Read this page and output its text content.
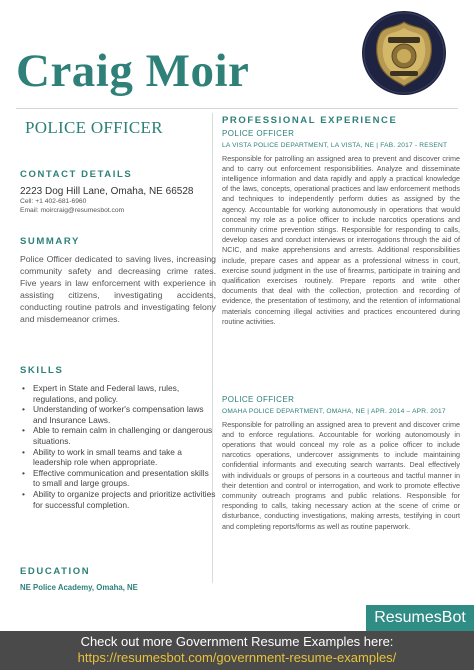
Craig Moir
POLICE OFFICER
CONTACT DETAILS
2223 Dog Hill Lane, Omaha, NE 66528
Cell: +1 402-681-6960
Email: moircraig@resumesbot.com
SUMMARY
Police Officer dedicated to saving lives, increasing community safety and decreasing crime rates. Five years in law enforcement with experience in assisting citizens, investigating accidents, conducting routine patrols and investigating felony and misdemeanor crimes.
SKILLS
• Expert in State and Federal laws, rules, regulations, and policy.
• Understanding of worker's compensation laws and Insurance Laws.
• Able to remain calm in challenging or dangerous situations.
• Ability to work in small teams and take a leadership role when appropriate.
• Effective communication and presentation skills to small and large groups.
• Ability to organize projects and prioritize activities for successful completion.
EDUCATION
NE Police Academy, Omaha, NE
PROFESSIONAL EXPERIENCE
POLICE OFFICER
LA VISTA POLICE DEPARTMENT, LA VISTA, NE | FAB. 2017 - RESENT
Responsible for patrolling an assigned area to prevent and discover crime and to carry out enforcement responsibilities. Analyze and disseminate intelligence information and data rapidly and apply a practical knowledge of the laws, concepts, operational practices and law enforcement methods and techniques to independently perform duties as assigned by the agency. Accountable for working autonomously in operations that would conceal my role as a police officer to include narcotics operations and community crime prevention stings. Responsible for responding to calls, develop cases and conduct interviews or interrogations through the aid of NCIC, and make apprehensions and arrests. Additional responsibilities include, prepare cases and appear as a professional witness in court, exercise sound judgment in the use of firearms, participate in training and qualification exercises routinely. Prepare reports and write other documents that deal with the collection, protection and recording of evidence, the presentation of testimony, and the retention of informational materials concerning illegal activities and practices encountered during routine activities.
POLICE OFFICER
OMAHA POLICE DEPARTMENT, OMAHA, NE | APR. 2014 – APR. 2017
Responsible for patrolling an assigned area to prevent and discover crime and to enforce regulations. Accountable for working autonomously in operations that would conceal my role as a police officer to include narcotics operations, undercover assignments to include maintaining confidential informants and executing search warrants. Deal effectively with individuals or groups of persons in a courteous and tactful manner in their detention and control or interrogation, and work to promote effective community outreach programs and public relations. Responsible for responding to calls, taking necessary action at the scene of crime or disturbance, conducting investigations, making arrests, testifying in court and completing reports/forms as well as routine paperwork.
ResumesBot
Check out more Government Resume Examples here:
https://resumesbot.com/government-resume-examples/
